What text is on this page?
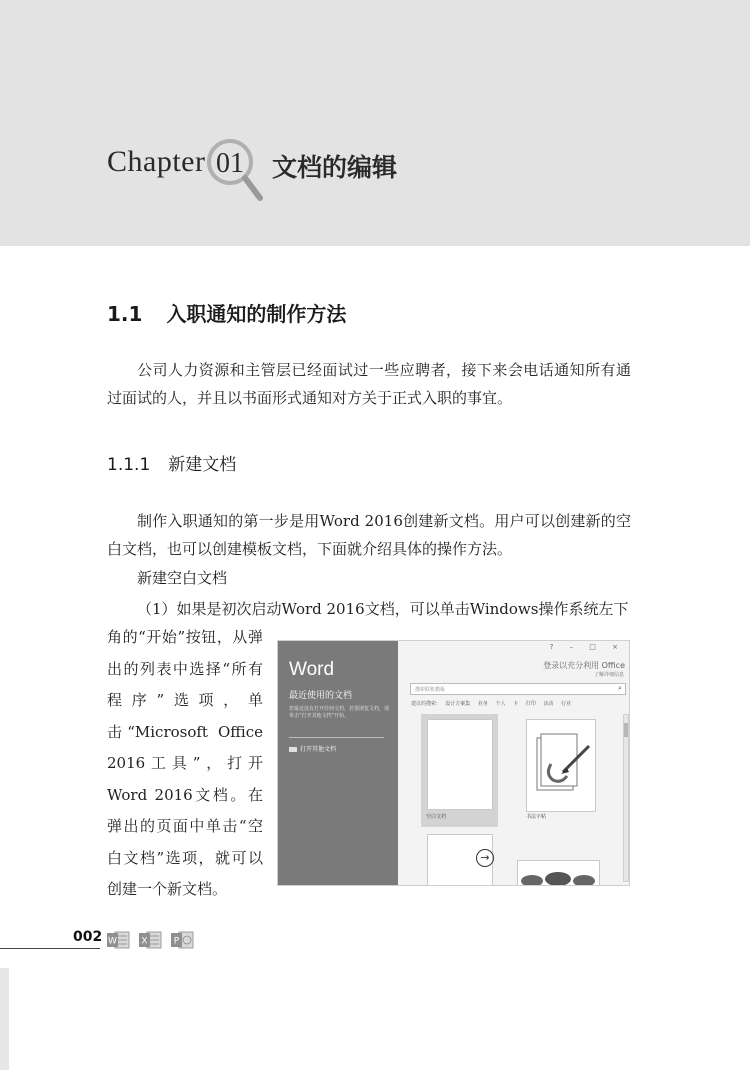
Chapter 01 文档的编辑
1.1 入职通知的制作方法

公司人力资源和主管层已经面试过一些应聘者，接下来会电话通知所有通过面试的人，并且以书面形式通知对方关于正式入职的事宜。

1.1.1 新建文档

制作入职通知的第一步是用Word 2016创建新文档。用户可以创建新的空白文档，也可以创建模板文档，下面就介绍具体的操作方法。

新建空白文档

（1）如果是初次启动Word 2016文档，可以单击Windows操作系统左下

角的“开始”按钮，从弹出的列表中选择“所有程序”选项，单击“Microsoft Office 2016工具”，打开Word 2016文档。在弹出的页面中单击“空白文档”选项，就可以创建一个新文档。

Word
最近使用的文档
您最近没有打开任何文档。若要浏览文档，请单击“打开其他文档”开始。
打开其他文档
? – □ ×
登录以充分利用 Office
了解详细信息
搜索联机模板	⌕
建议的搜索: 设计方案集 业务 个人 卡 打印 活动 行业
空白文档	书法字帖
→
002 W	X	P
